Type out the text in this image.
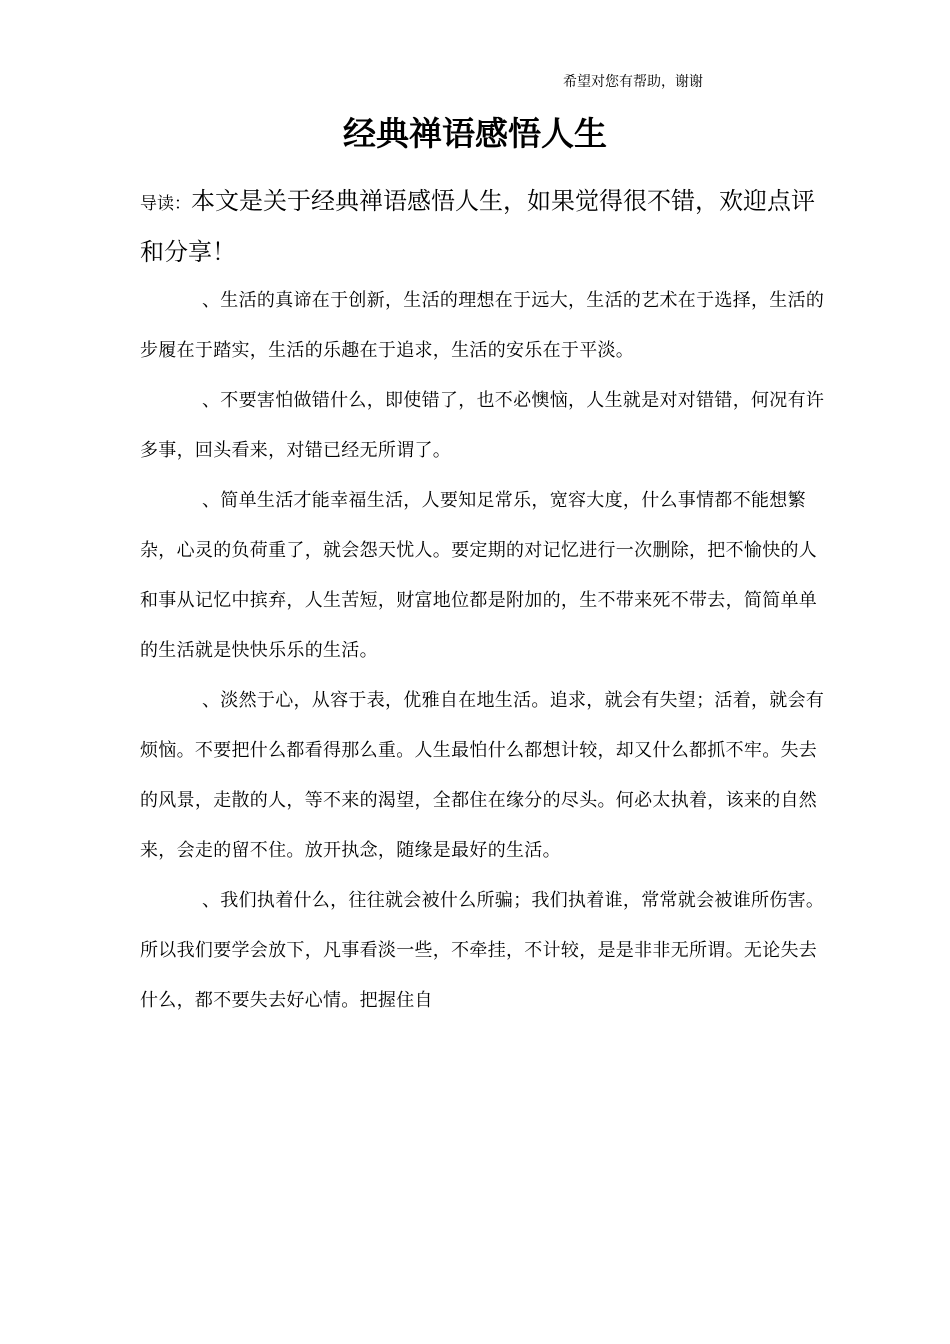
希望对您有帮助，谢谢
经典禅语感悟人生
导读：本文是关于经典禅语感悟人生，如果觉得很不错，欢迎点评和分享！

、生活的真谛在于创新，生活的理想在于远大，生活的艺术在于选择，生活的步履在于踏实，生活的乐趣在于追求，生活的安乐在于平淡。

、不要害怕做错什么，即使错了，也不必懊恼，人生就是对对错错，何况有许多事，回头看来，对错已经无所谓了。

、简单生活才能幸福生活，人要知足常乐，宽容大度，什么事情都不能想繁杂，心灵的负荷重了，就会怨天忧人。要定期的对记忆进行一次删除，把不愉快的人和事从记忆中摈弃，人生苦短，财富地位都是附加的，生不带来死不带去，简简单单的生活就是快快乐乐的生活。

、淡然于心，从容于表，优雅自在地生活。追求，就会有失望；活着，就会有烦恼。不要把什么都看得那么重。人生最怕什么都想计较，却又什么都抓不牢。失去的风景，走散的人，等不来的渴望，全都住在缘分的尽头。何必太执着，该来的自然来，会走的留不住。放开执念，随缘是最好的生活。

、我们执着什么，往往就会被什么所骗；我们执着谁，常常就会被谁所伤害。所以我们要学会放下，凡事看淡一些，不牵挂，不计较，是是非非无所谓。无论失去什么，都不要失去好心情。把握住自
